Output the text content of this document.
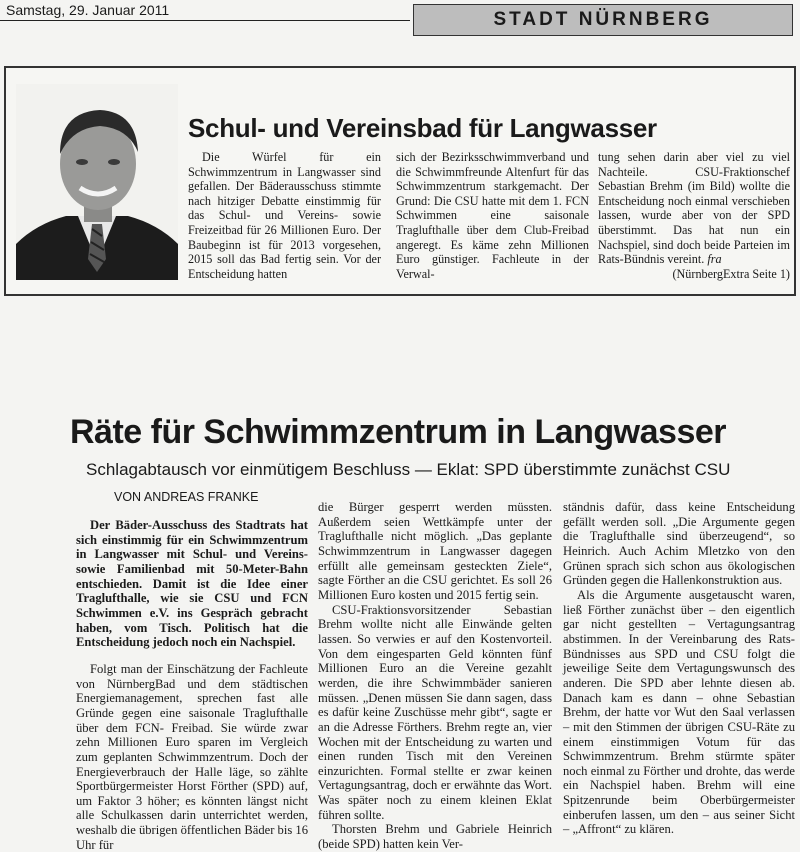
Samstag, 29. Januar 2011	STADT NÜRNBERG
Schul- und Vereinsbad für Langwasser

Die Würfel für ein Schwimmzentrum in Langwasser sind gefallen. Der Bäderausschuss stimmte nach hitziger Debatte einstimmig für das Schul- und Vereins- sowie Freizeitbad für 26 Millionen Euro. Der Baubeginn ist für 2013 vorgesehen, 2015 soll das Bad fertig sein. Vor der Entscheidung hatten

sich der Bezirksschwimmverband und die Schwimmfreunde Altenfurt für das Schwimmzentrum starkgemacht. Der Grund: Die CSU hatte mit dem 1. FCN Schwimmen eine saisonale Traglufthalle über dem Club-Freibad angeregt. Es käme zehn Millionen Euro günstiger. Fachleute in der Verwal-

tung sehen darin aber viel zu viel Nachteile. CSU-Fraktionschef Sebastian Brehm (im Bild) wollte die Entscheidung noch einmal verschieben lassen, wurde aber von der SPD überstimmt. Das hat nun ein Nachspiel, sind doch beide Parteien im Rats-Bündnis vereint. fra

(NürnbergExtra Seite 1)

Räte für Schwimmzentrum in Langwasser
Schlagabtausch vor einmütigem Beschluss — Eklat: SPD überstimmte zunächst CSU
VON ANDREAS FRANKE

Der Bäder-Ausschuss des Stadtrats hat sich einstimmig für ein Schwimmzentrum in Langwasser mit Schul- und Vereins- sowie Familienbad mit 50-Meter-Bahn entschieden. Damit ist die Idee einer Traglufthalle, wie sie CSU und FCN Schwimmen e.V. ins Gespräch gebracht haben, vom Tisch. Politisch hat die Entscheidung jedoch noch ein Nachspiel.

Folgt man der Einschätzung der Fachleute von NürnbergBad und dem städtischen Energiemanagement, sprechen fast alle Gründe gegen eine saisonale Traglufthalle über dem FCN- Freibad. Sie würde zwar zehn Millionen Euro sparen im Vergleich zum geplanten Schwimmzentrum. Doch der Energieverbrauch der Halle läge, so zählte Sportbürgermeister Horst Förther (SPD) auf, um Faktor 3 höher; es könnten längst nicht alle Schulkassen darin unterrichtet werden, weshalb die übrigen öffentlichen Bäder bis 16 Uhr für

die Bürger gesperrt werden müssten. Außerdem seien Wettkämpfe unter der Traglufthalle nicht möglich. „Das geplante Schwimmzentrum in Langwasser dagegen erfüllt alle gemeinsam gesteckten Ziele“, sagte Förther an die CSU gerichtet. Es soll 26 Millionen Euro kosten und 2015 fertig sein.

CSU-Fraktionsvorsitzender Sebastian Brehm wollte nicht alle Einwände gelten lassen. So verwies er auf den Kostenvorteil. Von dem eingesparten Geld könnten fünf Millionen Euro an die Vereine gezahlt werden, die ihre Schwimmbäder sanieren müssen. „Denen müssen Sie dann sagen, dass es dafür keine Zuschüsse mehr gibt“, sagte er an die Adresse Förthers. Brehm regte an, vier Wochen mit der Entscheidung zu warten und einen runden Tisch mit den Vereinen einzurichten. Formal stellte er zwar keinen Vertagungsantrag, doch er erwähnte das Wort. Was später noch zu einem kleinen Eklat führen sollte.

Thorsten Brehm und Gabriele Heinrich (beide SPD) hatten kein Ver-

ständnis dafür, dass keine Entscheidung gefällt werden soll. „Die Argumente gegen die Traglufthalle sind überzeugend“, so Heinrich. Auch Achim Mletzko von den Grünen sprach sich schon aus ökologischen Gründen gegen die Hallenkonstruktion aus.

Als die Argumente ausgetauscht waren, ließ Förther zunächst über – den eigentlich gar nicht gestellten – Vertagungsantrag abstimmen. In der Vereinbarung des Rats-Bündnisses aus SPD und CSU folgt die jeweilige Seite dem Vertagungswunsch des anderen. Die SPD aber lehnte diesen ab. Danach kam es dann – ohne Sebastian Brehm, der hatte vor Wut den Saal verlassen – mit den Stimmen der übrigen CSU-Räte zu einem einstimmigen Votum für das Schwimmzentrum. Brehm stürmte später noch einmal zu Förther und drohte, das werde ein Nachspiel haben. Brehm will eine Spitzenrunde beim Oberbürgermeister einberufen lassen, um den – aus seiner Sicht – „Affront“ zu klären.
